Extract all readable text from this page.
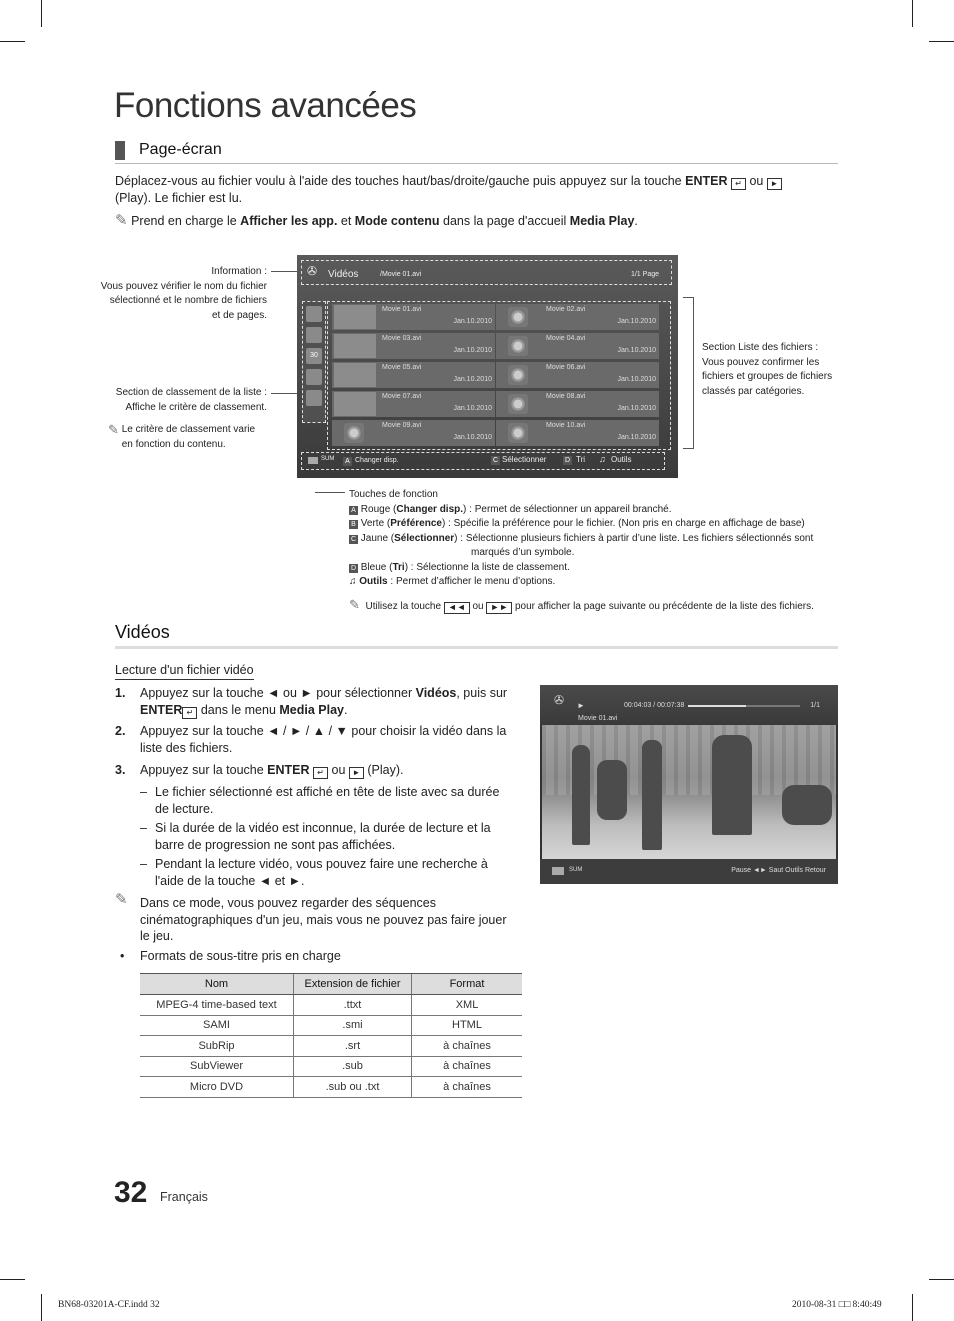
Fonctions avancées
Page-écran
Déplacez-vous au fichier voulu à l'aide des touches haut/bas/droite/gauche puis appuyez sur la touche ENTER ↵ ou ►
(Play). Le fichier est lu.
✎ Prend en charge le Afficher les app. et Mode contenu dans la page d'accueil Media Play.
Information :
Vous pouvez vérifier le nom du fichier sélectionné et le nombre de fichiers et de pages.
Section de classement de la liste :
Affiche le critère de classement.
✎ Le critère de classement varie en fonction du contenu.
Section Liste des fichiers :
Vous pouvez confirmer les fichiers et groupes de fichiers classés par catégories.
✇ Vidéos	/Movie 01.avi	1/1 Page
30
Movie 01.avi
Jan.10.2010
Movie 02.avi
Jan.10.2010
Movie 03.avi
Jan.10.2010
Movie 04.avi
Jan.10.2010
Movie 05.avi
Jan.10.2010
Movie 06.avi
Jan.10.2010
Movie 07.avi
Jan.10.2010
Movie 08.avi
Jan.10.2010
Movie 09.avi
Jan.10.2010
Movie 10.avi
Jan.10.2010
SUM	A Changer disp.	C Sélectionner	D Tri ♫ Outils
Touches de fonction
A Rouge (Changer disp.) : Permet de sélectionner un appareil branché.
B Verte (Préférence) : Spécifie la préférence pour le fichier. (Non pris en charge en affichage de base)
C Jaune (Sélectionner) : Sélectionne plusieurs fichiers à partir d’une liste. Les fichiers sélectionnés sont
marqués d’un symbole.
D Bleue (Tri) : Sélectionne la liste de classement.
♫ Outils : Permet d’afficher le menu d’options.
✎ Utilisez la touche ◄◄ ou ►► pour afficher la page suivante ou précédente de la liste des fichiers.
Vidéos
Lecture d'un fichier vidéo
1. Appuyez sur la touche ◄ ou ► pour sélectionner Vidéos, puis sur
ENTER ↵ dans le menu Media Play.
2. Appuyez sur la touche ◄ / ► / ▲ / ▼ pour choisir la vidéo dans la liste des fichiers.
3. Appuyez sur la touche ENTER ↵ ou ► (Play).
– Le fichier sélectionné est affiché en tête de liste avec sa durée de lecture.
– Si la durée de la vidéo est inconnue, la durée de lecture et la barre de progression ne sont pas affichées.
– Pendant la lecture vidéo, vous pouvez faire une recherche à l'aide de la touche ◄ et ►.
✎ Dans ce mode, vous pouvez regarder des séquences cinématographiques d'un jeu, mais vous ne pouvez pas faire jouer le jeu.
• Formats de sous-titre pris en charge
✇ ►	00:04:03 / 00:07:38	1/1
Movie 01.avi
SUM	Pause ◄► Saut Outils Retour
Nom	Extension de fichier	Format
MPEG-4 time-based text	.ttxt	XML
SAMI	.smi	HTML
SubRip	.srt	à chaînes
SubViewer	.sub	à chaînes
Micro DVD	.sub ou .txt	à chaînes
32 Français
BN68-03201A-CF.indd 32	2010-08-31 □□ 8:40:49
